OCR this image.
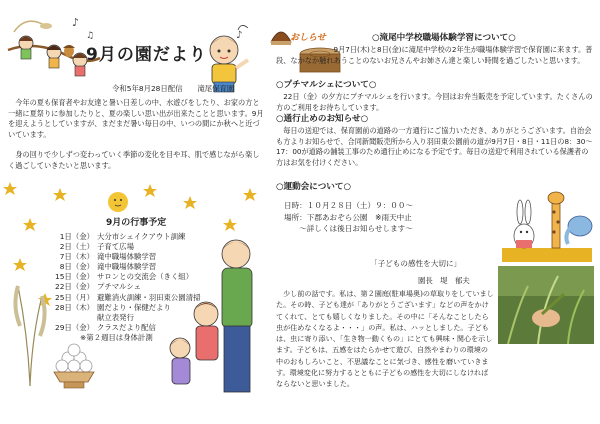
♪
♫
9月の園だより
♪
令和5年8月28日配信　　滝尾保育園
　今年の夏も保育者やお友達と暑い日差しの中、水遊びをしたり、お家の方と一緒に夏祭りに参加したりと、夏の楽しい思い出が出来たことと思います。9月を迎えようとしていますが、まだまだ暑い毎日の中、いつの間にか秋へと近づいています。
　身の回りで少しずつ変わっていく季節の変化を目や耳、肌で感じながら楽しく過ごしていきたいと思います。
9月の行事予定
1日（金） 大分市シェイクアウト訓練
2日（土） 子育て広場
7日（木） 滝中職場体験学習
8日（金） 滝中職場体験学習
15日（金） サロンとの交流会（きく組）
22日（金） プチマルシェ
25日（月） 避難消火訓練・羽田東公園清掃
28日（木） 園だより・保健だより
献立表発行
29日（金） クラスだより配信
※第２週目は身体計測
おしらせ	○滝尾中学校職場体験学習について○
　　　　　　　　9月7日(木)と8日(金)に滝尾中学校の2年生が職場体験学習で保育園に来ます。普段、なかなか触れあうことのないお兄さんやお姉さん達と楽しい時間を過ごしたいと思います。
○プチマルシェについて○
　22日（金）の夕方にプチマルシェを行います。今回はお弁当販売を予定しています。たくさんの方のご利用をお待ちしています。
○通行止めのお知らせ○
　毎日の送迎では、保育園前の道路の一方通行にご協力いただき、ありがとうございます。自治会も方よりお知らせで、合同新聞販売所から入り羽田東公園前の道が9月7日・8日・11日の8：30～17：00が道路の舗装工事のため通行止めになる予定です。毎日の送迎で利用されている保護者の方はお気を付けください。
○運動会について○
日時：１０月２８日（土）９：００～
場所：下郡あおぞら公園　※雨天中止
　　～詳しくは後日お知らせします～
「子どもの感性を大切に」
園長　堤　郁夫
　少し前の話です。私は、第２園庭(駐車場奥)の草取りをしていました。その時、子ども達が「ありがとうございます」などの声をかけてくれて、とても嬉しくなりました。その中に「そんなことしたら虫が住めなくなるよ・・・」の声。私は、ハッとしました。子どもは、虫に寄り添い、「生き物一動くもの」にとても興味・関心を示します。子どもは、五感をはたらかせて遊び、自然やまわりの環境の中のおもしろいこと、不思議なことに気づき、感性を磨いていきます。環境変化に努力するとともに子どもの感性を大切にしなければならないと思いました。
